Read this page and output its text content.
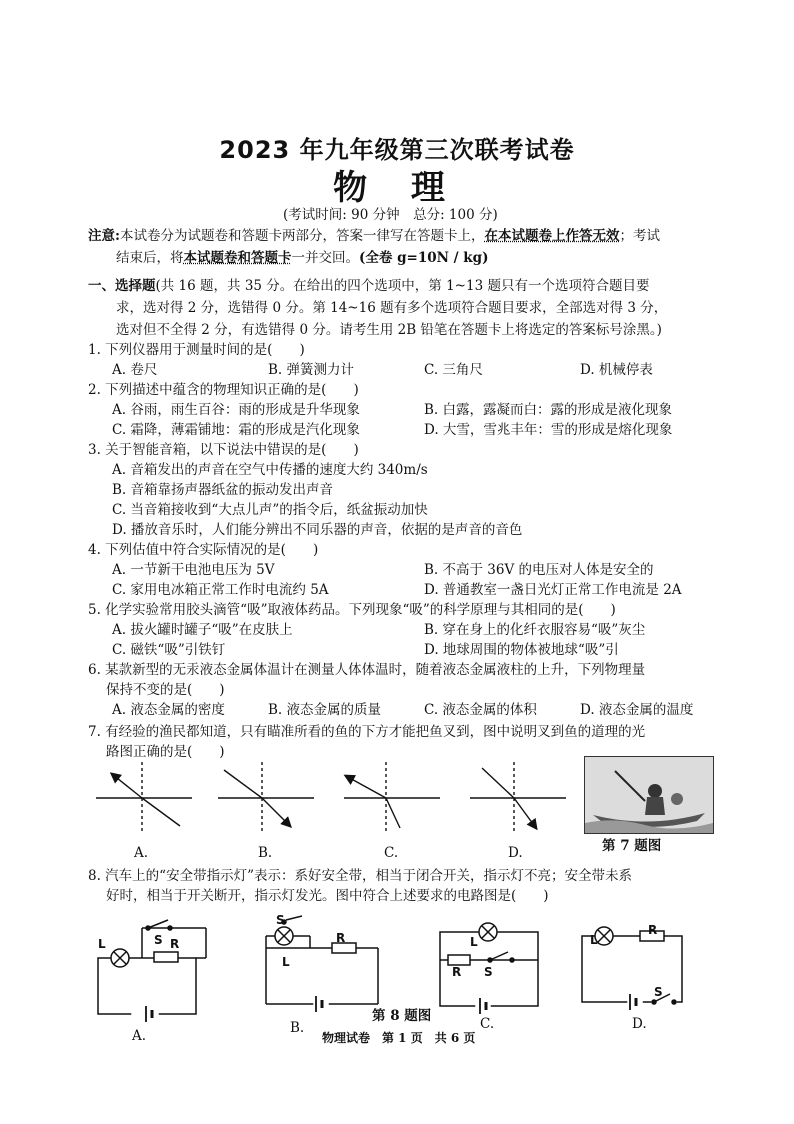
2023 年九年级第三次联考试卷
物 理
(考试时间: 90 分钟　总分: 100 分)
注意:本试卷分为试题卷和答题卡两部分，答案一律写在答题卡上，在本试题卷上作答无效；考试
结束后，将本试题卷和答题卡一并交回。(全卷 g=10N / kg)
一、选择题(共 16 题，共 35 分。在给出的四个选项中，第 1~13 题只有一个选项符合题目要
求，选对得 2 分，选错得 0 分。第 14~16 题有多个选项符合题目要求，全部选对得 3 分，
选对但不全得 2 分，有选错得 0 分。请考生用 2B 铅笔在答题卡上将选定的答案标号涂黑。)
1. 下列仪器用于测量时间的是(　　)
A. 卷尺	B. 弹簧测力计	C. 三角尺	D. 机械停表
2. 下列描述中蕴含的物理知识正确的是(　　)
A. 谷雨，雨生百谷：雨的形成是升华现象	B. 白露，露凝而白：露的形成是液化现象
C. 霜降，薄霜铺地：霜的形成是汽化现象	D. 大雪，雪兆丰年：雪的形成是熔化现象
3. 关于智能音箱，以下说法中错误的是(　　)
A. 音箱发出的声音在空气中传播的速度大约 340m/s
B. 音箱靠扬声器纸盆的振动发出声音
C. 当音箱接收到“大点儿声”的指令后，纸盆振动加快
D. 播放音乐时，人们能分辨出不同乐器的声音，依据的是声音的音色
4. 下列估值中符合实际情况的是(　　)
A. 一节新干电池电压为 5V	B. 不高于 36V 的电压对人体是安全的
C. 家用电冰箱正常工作时电流约 5A	D. 普通教室一盏日光灯正常工作电流是 2A
5. 化学实验常用胶头滴管“吸”取液体药品。下列现象“吸”的科学原理与其相同的是(　　)
A. 拔火罐时罐子“吸”在皮肤上	B. 穿在身上的化纤衣服容易“吸”灰尘
C. 磁铁“吸”引铁钉	D. 地球周围的物体被地球“吸”引
6. 某款新型的无汞液态金属体温计在测量人体体温时，随着液态金属液柱的上升，下列物理量
保持不变的是(　　)
A. 液态金属的密度	B. 液态金属的质量	C. 液态金属的体积	D. 液态金属的温度
7. 有经验的渔民都知道，只有瞄准所看的鱼的下方才能把鱼叉到，图中说明叉到鱼的道理的光
路图正确的是(　　)
A.	B.	C.	D.	第 7 题图
8. 汽车上的“安全带指示灯”表示：系好安全带，相当于闭合开关，指示灯不亮；安全带未系
好时，相当于开关断开，指示灯发光。图中符合上述要求的电路图是(　　)
L	S R
S
L
R	L
R S
L
R
S
A.	B.
第 8 题图	C.	D.
物理试卷　第 1 页　共 6 页
